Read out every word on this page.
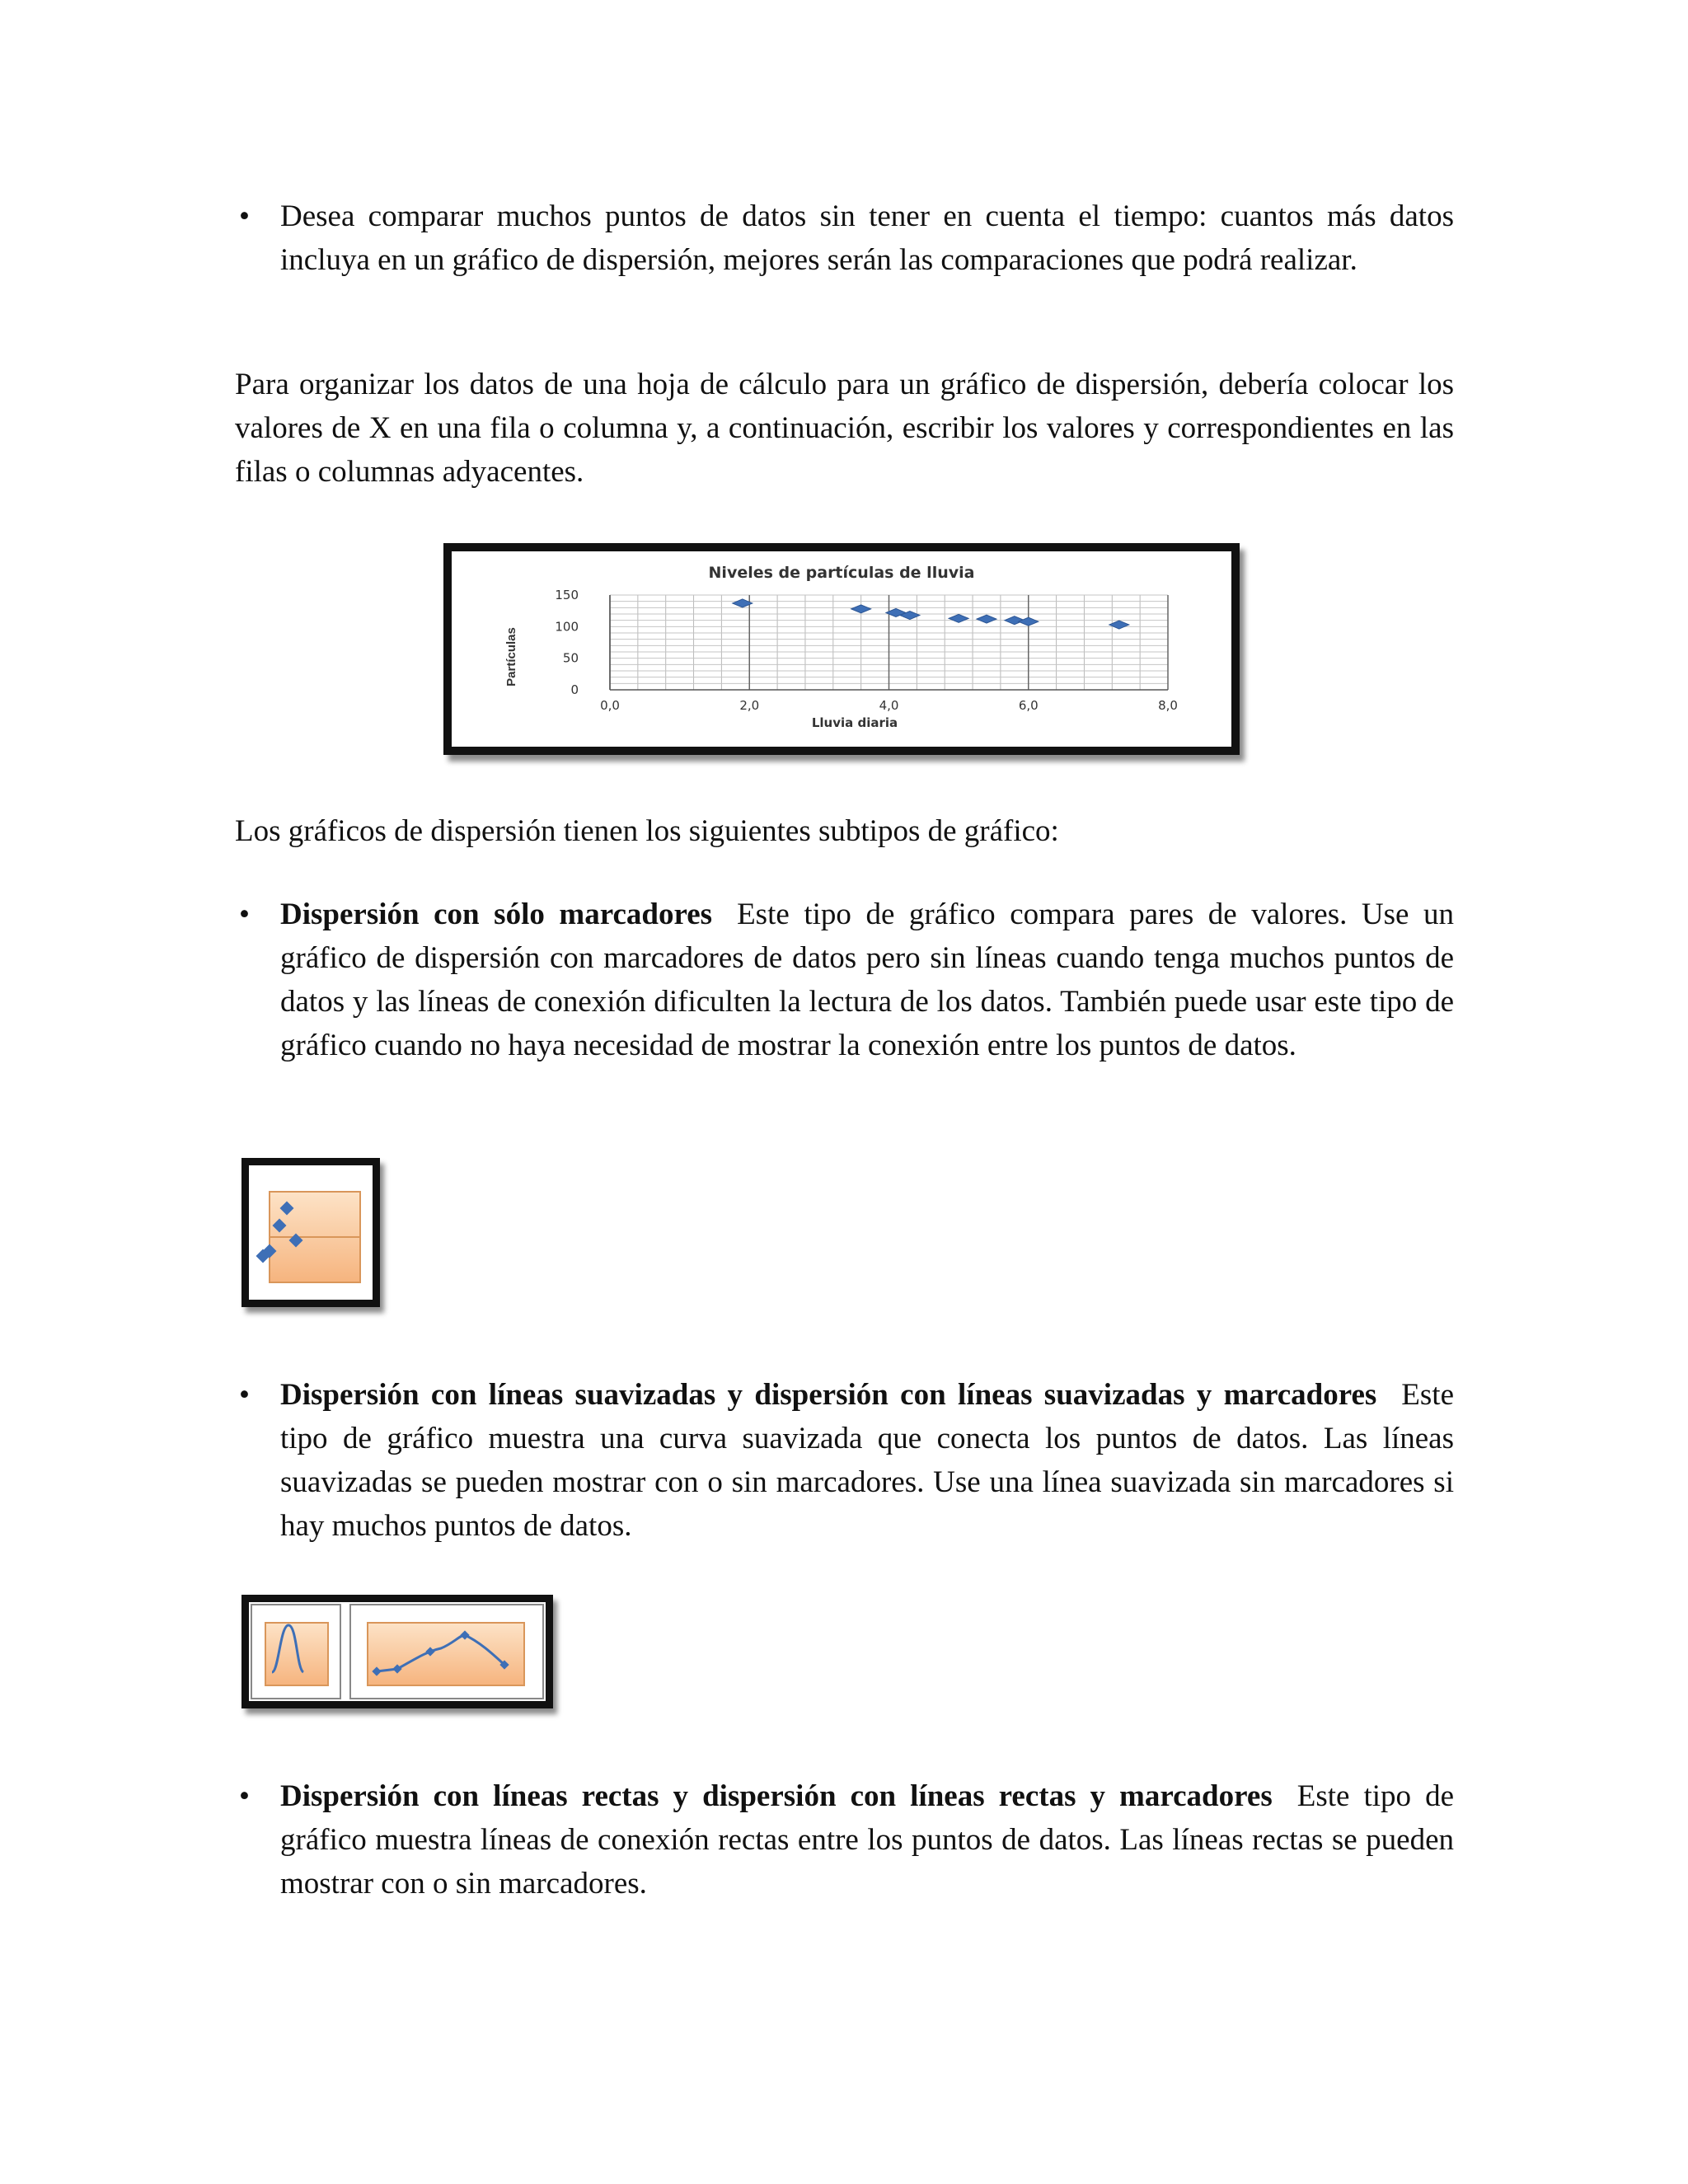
• Desea comparar muchos puntos de datos sin tener en cuenta el tiempo: cuantos más datos incluya en un gráfico de dispersión, mejores serán las comparaciones que podrá realizar.
Para organizar los datos de una hoja de cálculo para un gráfico de dispersión, debería colocar los valores de X en una fila o columna y, a continuación, escribir los valores y correspondientes en las filas o columnas adyacentes.
0,0	2,0	4,0	6,0	8,0
0
50
100
150
Niveles de partículas de lluvia
Lluvia diaria
Partículas
Los gráficos de dispersión tienen los siguientes subtipos de gráfico:
• Dispersión con sólo marcadores Este tipo de gráfico compara pares de valores. Use un gráfico de dispersión con marcadores de datos pero sin líneas cuando tenga muchos puntos de datos y las líneas de conexión dificulten la lectura de los datos. También puede usar este tipo de gráfico cuando no haya necesidad de mostrar la conexión entre los puntos de datos.
• Dispersión con líneas suavizadas y dispersión con líneas suavizadas y marcadores Este tipo de gráfico muestra una curva suavizada que conecta los puntos de datos. Las líneas suavizadas se pueden mostrar con o sin marcadores. Use una línea suavizada sin marcadores si hay muchos puntos de datos.
• Dispersión con líneas rectas y dispersión con líneas rectas y marcadores Este tipo de gráfico muestra líneas de conexión rectas entre los puntos de datos. Las líneas rectas se pueden mostrar con o sin marcadores.
